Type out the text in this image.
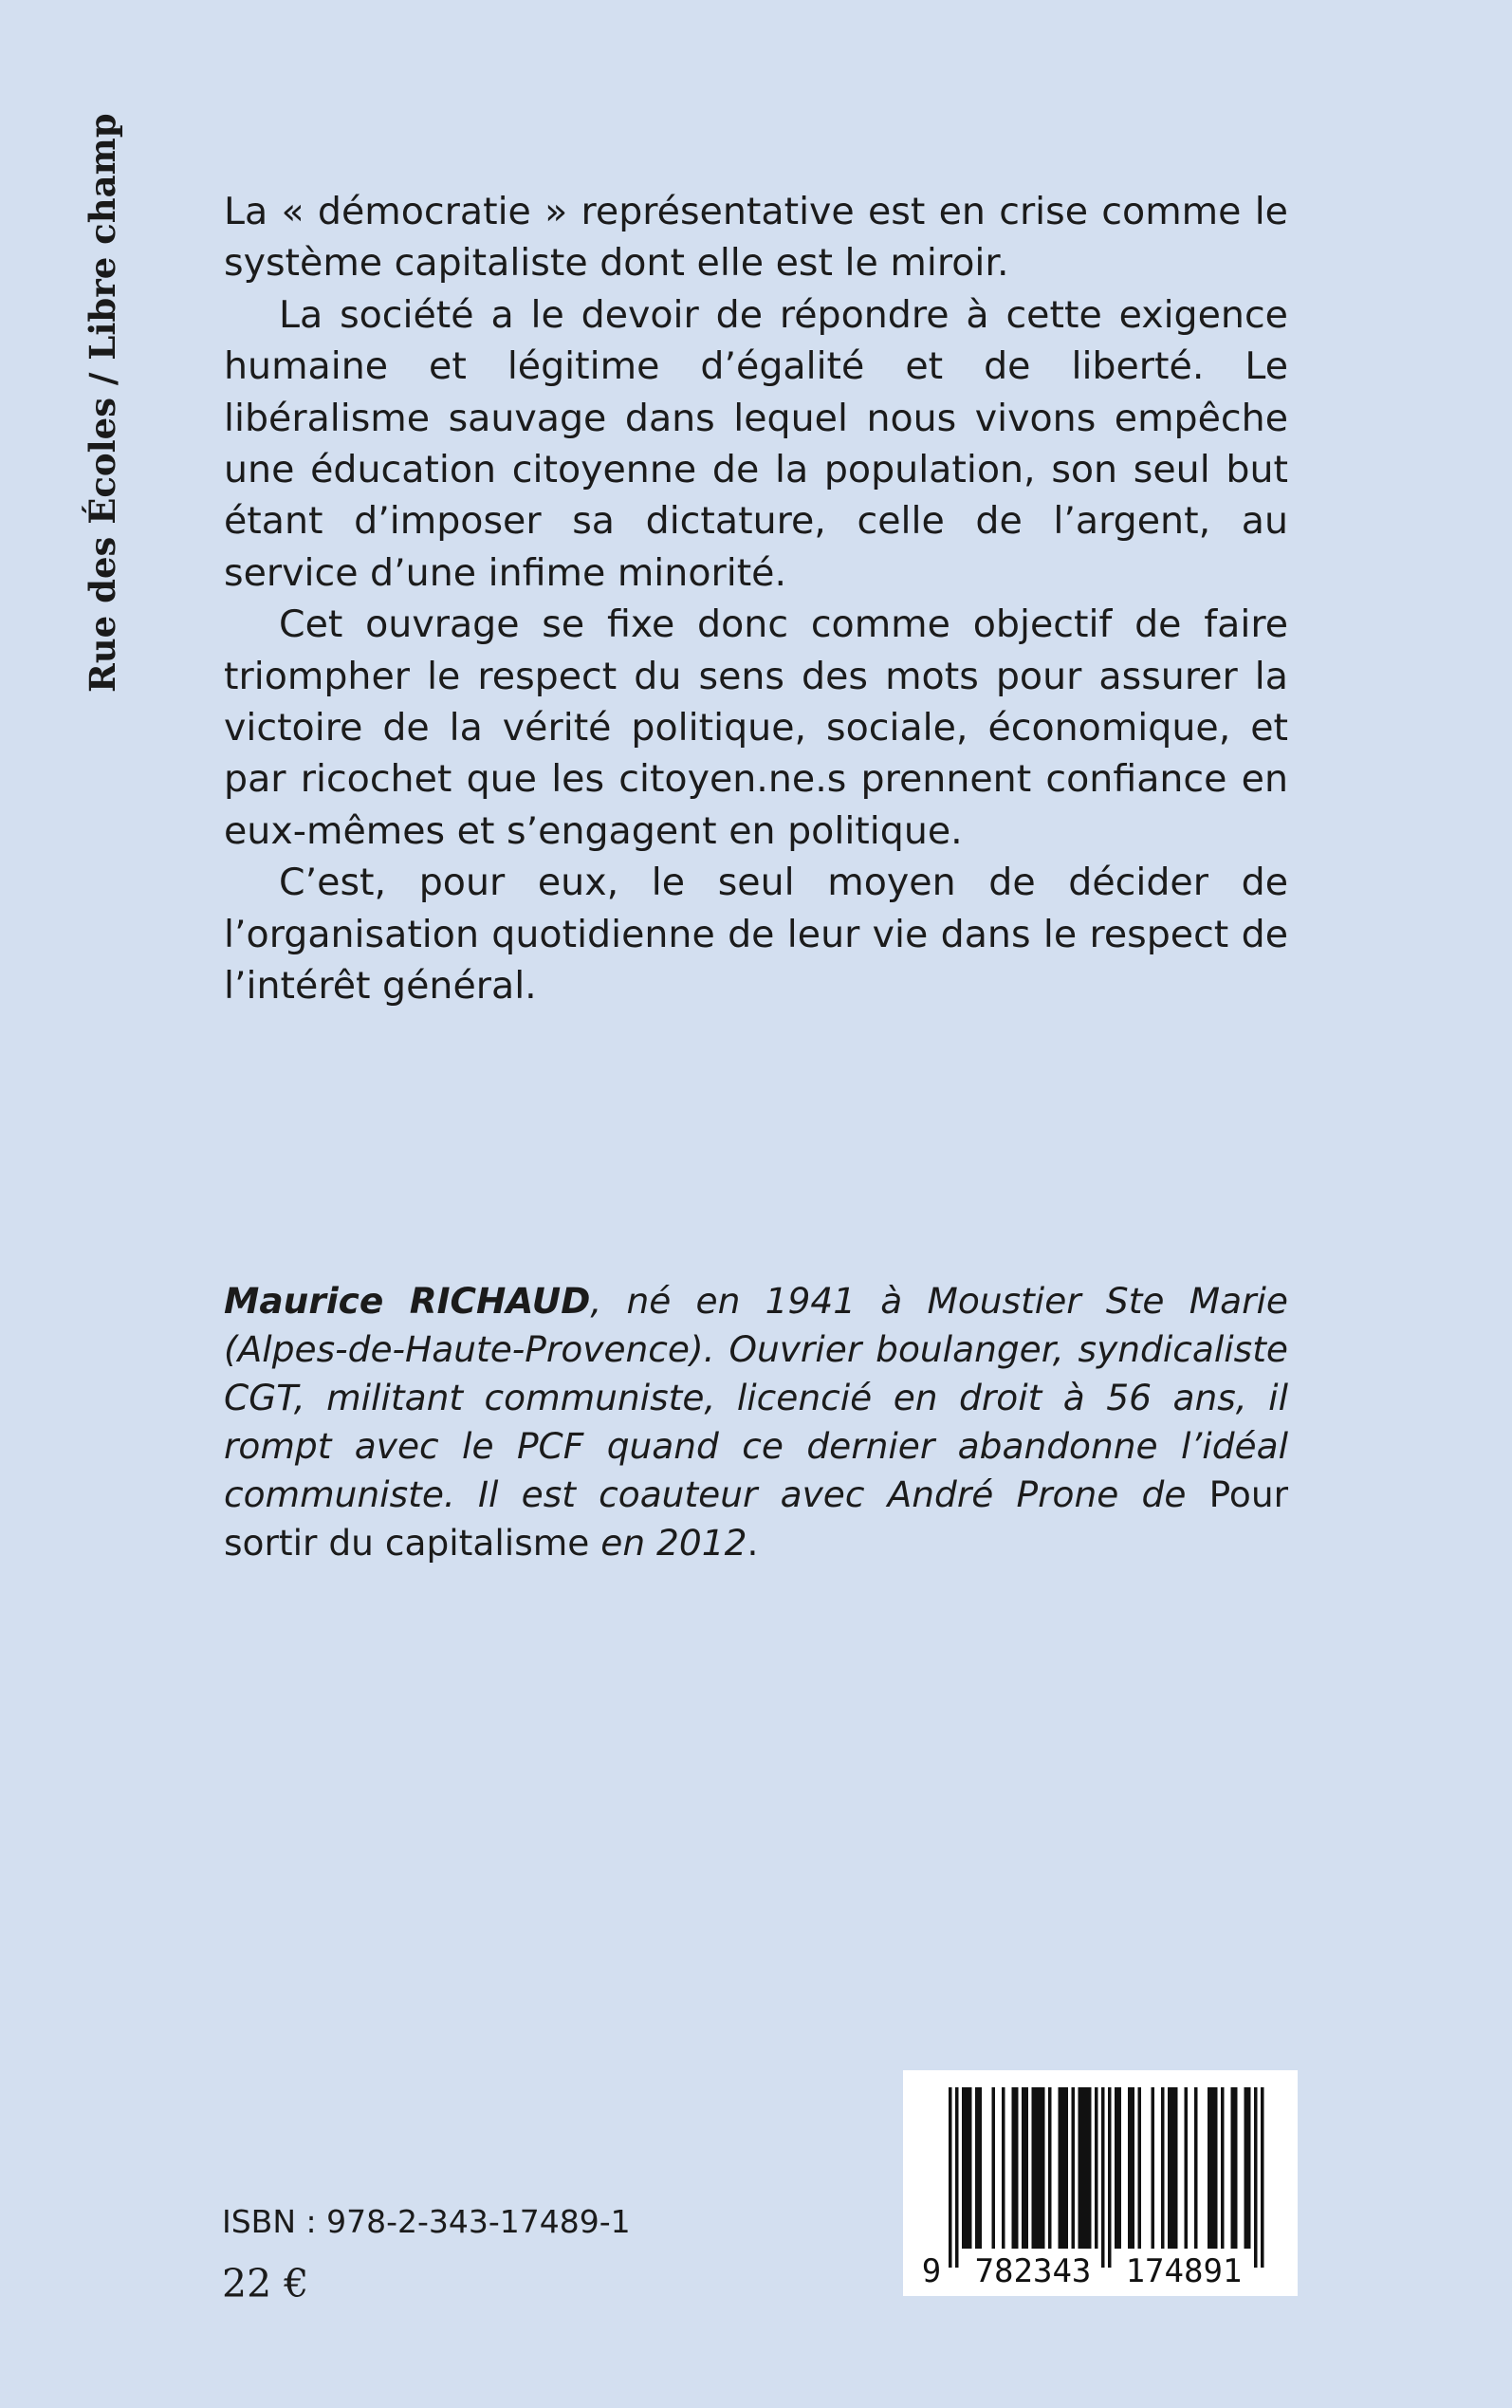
Rue des Écoles / Libre champ	La « démocratie » représentative est en crise comme le système capitaliste dont elle est le miroir.

La société a le devoir de répondre à cette exigence humaine et légitime d’égalité et de liberté. Le libéralisme sauvage dans lequel nous vivons empêche une éducation citoyenne de la population, son seul but étant d’imposer sa dictature, celle de l’argent, au service d’une infime minorité.

Cet ouvrage se fixe donc comme objectif de faire triompher le respect du sens des mots pour assurer la victoire de la vérité politique, sociale, économique, et par ricochet que les citoyen.ne.s prennent confiance en eux-mêmes et s’engagent en politique.

C’est, pour eux, le seul moyen de décider de l’organisation quotidienne de leur vie dans le respect de l’intérêt général.

Maurice RICHAUD, né en 1941 à Moustier Ste Marie (Alpes-de-Haute-Provence). Ouvrier boulanger, syndicaliste CGT, militant communiste, licencié en droit à 56 ans, il rompt avec le PCF quand ce dernier abandonne l’idéal communiste. Il est coauteur avec André Prone de Pour sortir du capitalisme en 2012.
ISBN : 978-2-343-17489-1
22 €	9 782343 174891
